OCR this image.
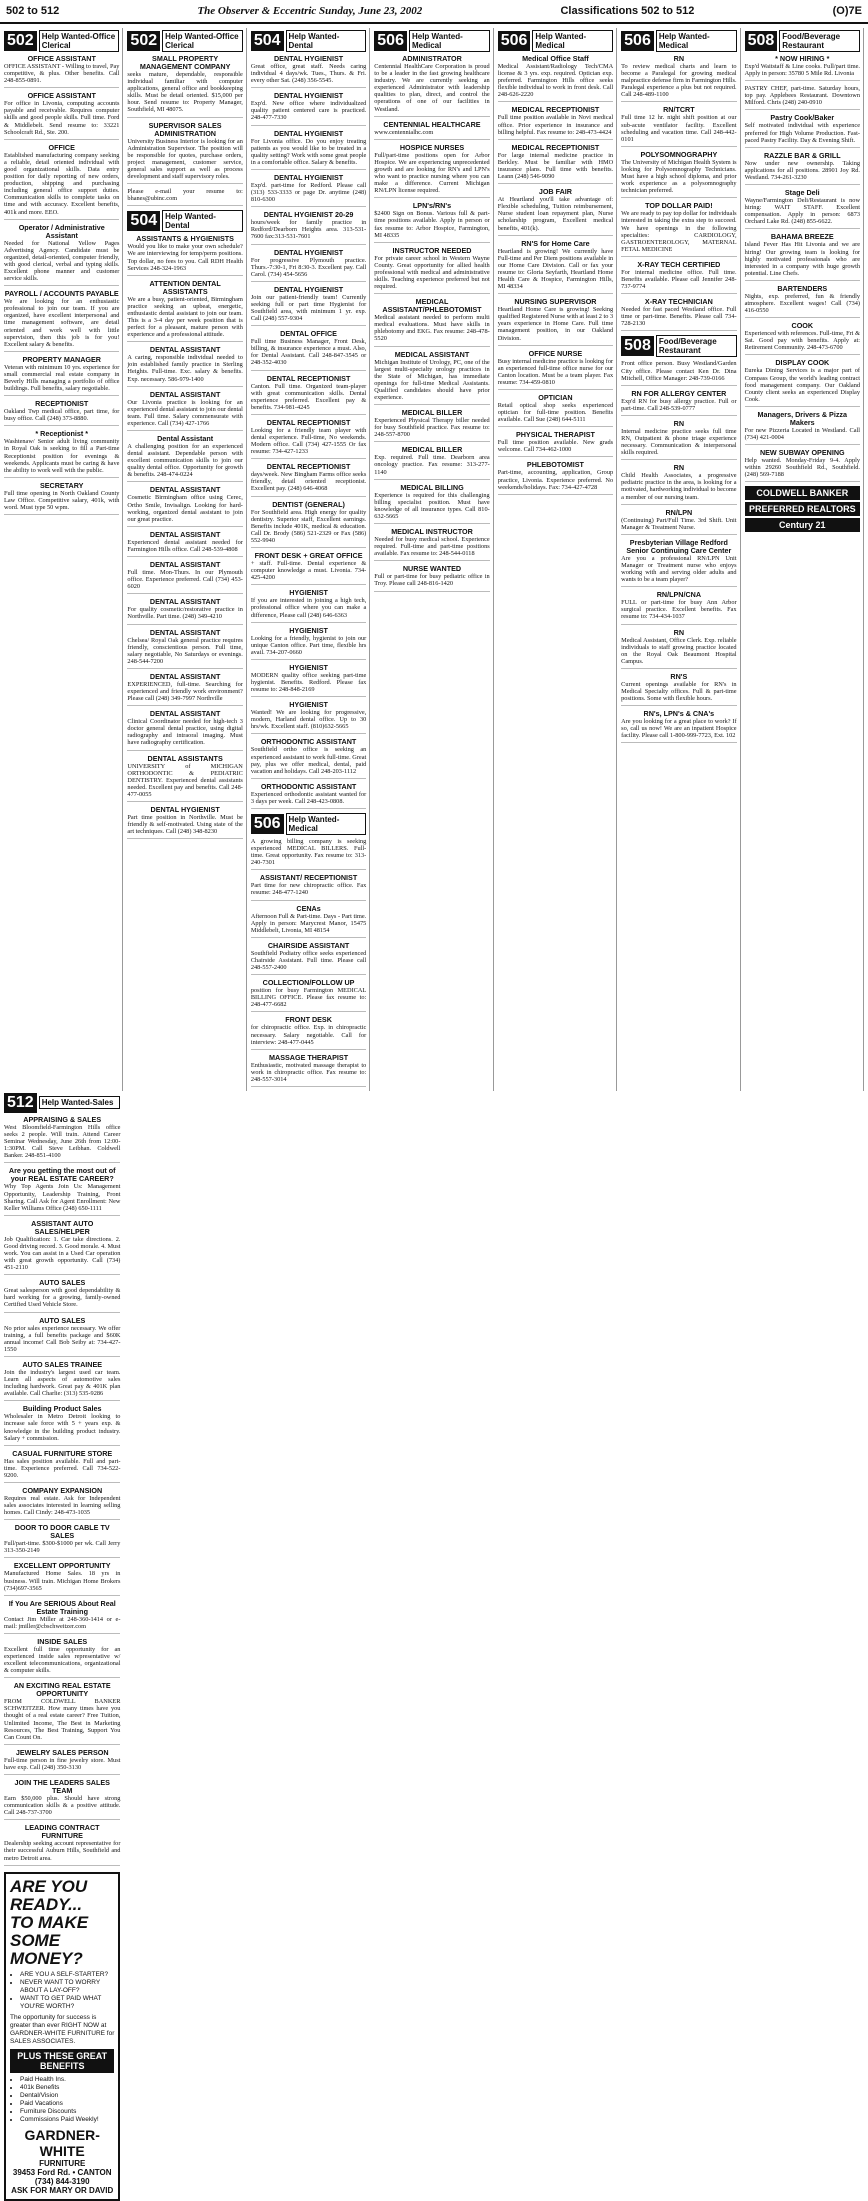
502 to 512	The Observer & Eccentric Sunday, June 23, 2002	Classifications 502 to 512	(O)7E
502	Help Wanted-Office Clerical
OFFICE ASSISTANT
OFFICE ASSISTANT - Willing to travel, Pay competitive, & plus. Other benefits. Call 248-855-0891.
OFFICE ASSISTANT
For office in Livonia, computing accounts payable and receivable. Requires computer skills and good people skills. Full time. Ford & Middlebelt. Send resume to: 33221 Schoolcraft Rd., Ste. 200.
OFFICE
Established manufacturing company seeking a reliable, detail oriented individual with good organizational skills. Data entry position for daily reporting of new orders, production, shipping and purchasing including general office support duties. Communication skills to complete tasks on time and with accuracy. Excellent benefits, 401k and more. EEO.
Operator / Administrative Assistant
Needed for National Yellow Pages Advertising Agency. Candidate must be organized, detail-oriented, computer friendly, with good clerical, verbal and typing skills. Excellent phone manner and customer service skills.
PAYROLL / ACCOUNTS PAYABLE
We are looking for an enthusiastic professional to join our team. If you are organized, have excellent interpersonal and time management software, are detail oriented and work well with little supervision, then this job is for you! Excellent salary & benefits.
PROPERTY MANAGER
Veteran with minimum 10 yrs. experience for small commercial real estate company in Beverly Hills managing a portfolio of office buildings. Full benefits, salary negotiable.
RECEPTIONIST
Oakland Twp medical office, part time, for busy office. Call (248) 373-8880.
* Receptionist *
Washtenaw/ Senior adult living community in Royal Oak is seeking to fill a Part-time Receptionist position for evenings & weekends. Applicants must be caring & have the ability to work well with the public.
SECRETARY
Full time opening in North Oakland County Law Office. Competitive salary, 401k, with word. Must type 50 wpm.
502	Help Wanted-Office Clerical
SMALL PROPERTY MANAGEMENT COMPANY
seeks mature, dependable, responsible individual familiar with computer applications, general office and bookkeeping skills. Must be detail oriented. $15,000 per hour. Send resume to: Property Manager, Southfield, MI 48075.
SUPERVISOR SALES ADMINISTRATION
University Business Interior is looking for an Administration Supervisor. The position will be responsible for quotes, purchase orders, project management, customer service, general sales support as well as process development and staff supervisory roles.
Please e-mail your resume to: bhanes@ubinc.com
504	Help Wanted-Dental
ASSISTANTS & HYGIENISTS
Would you like to make your own schedule? We are interviewing for temp/perm positions. Top dollar, no fees to you. Call RDH Health Services 248-324-1963
ATTENTION DENTAL ASSISTANTS
We are a busy, patient-oriented, Birmingham practice seeking an upbeat, energetic, enthusiastic dental assistant to join our team. This is a 3-4 day per week position that is perfect for a pleasant, mature person with experience and a professional attitude.
DENTAL ASSISTANT
A caring, responsible individual needed to join established family practice in Sterling Heights. Full-time. Exc. salary & benefits. Exp. necessary. 586-979-1400
DENTAL ASSISTANT
Our Livonia practice is looking for an experienced dental assistant to join our dental team. Full time. Salary commensurate with experience. Call (734) 427-1766
Dental Assistant
A challenging position for an experienced dental assistant. Dependable person with excellent communication skills to join our quality dental office. Opportunity for growth & benefits. 248-474-0224
DENTAL ASSISTANT
Cosmetic Birmingham office using Cerec, Ortho Smile, Invisalign. Looking for hard-working, organized dental assistant to join our great practice.
DENTAL ASSISTANT
Experienced dental assistant needed for Farmington Hills office. Call 248-539-4808
DENTAL ASSISTANT
Full time. Mon-Thurs. In our Plymouth office. Experience preferred. Call (734) 453-6020
DENTAL ASSISTANT
For quality cosmetic/restorative practice in Northville. Part time. (248) 349-4210
DENTAL ASSISTANT
Chelsea/ Royal Oak general practice requires friendly, conscientious person. Full time, salary negotiable, No Saturdays or evenings. 248-544-7200
DENTAL ASSISTANT
EXPERIENCED, full-time. Searching for experienced and friendly work environment? Please call (248) 349-7997 Northville
DENTAL ASSISTANT
Clinical Coordinator needed for high-tech 3 doctor general dental practice, using digital radiography and intraoral imaging. Must have radiography certification.
DENTAL ASSISTANTS
UNIVERSITY of MICHIGAN ORTHODONTIC & PEDIATRIC DENTISTRY. Experienced dental assistants needed. Excellent pay and benefits. Call 248-477-0055
DENTAL HYGIENIST
Part time position in Northville. Must be friendly & self-motivated. Using state of the art techniques. Call (248) 348-8230
504	Help Wanted-Dental
DENTAL HYGIENIST
Great office, great staff. Needs caring individual 4 days/wk. Tues., Thurs. & Fri. every other Sat. (248) 356-5545.
DENTAL HYGIENIST
Exp'd. New office where individualized quality patient centered care is practiced. 248-477-7330
DENTAL HYGIENIST
For Livonia office. Do you enjoy treating patients as you would like to be treated in a quality setting? Work with some great people in a comfortable office. Salary & benefits.
DENTAL HYGIENIST
Exp'd. part-time for Redford. Please call (313) 533-3333 or page Dr. anytime (248) 810-6300
DENTAL HYGIENIST 20-29
hours/week for family practice in Redford/Dearborn Heights area. 313-531-7600 fax:313-531-7601
DENTAL HYGIENIST
For progressive Plymouth practice. Thurs.-7:30-1, Fri 8:30-3. Excellent pay. Call Carol. (734) 454-5656
DENTAL HYGIENIST
Join our patient-friendly team! Currently seeking full or part time Hygienist for Southfield area, with minimum 1 yr. exp. Call (248) 557-9304
DENTAL OFFICE
Full time Business Manager, Front Desk, billing, & insurance experience a must. Also, for Dental Assistant. Call 248-847-3545 or 248-352-4030
DENTAL RECEPTIONIST
Canton. Full time. Organized team-player with great communication skills. Dental experience preferred. Excellent pay & benefits. 734-981-4245
DENTAL RECEPTIONIST
Looking for a friendly team player with dental experience. Full-time, No weekends. Modern office. Call (734) 427-1555 Or fax resume: 734-427-1233
DENTAL RECEPTIONIST
days/week. New Bingham Farms office seeks friendly, detail oriented receptionist. Excellent pay. (248) 646-4068
DENTIST (GENERAL)
For Southfield area. High energy for quality dentistry. Superior staff, Excellent earnings. Benefits include 401K, medical & education. Call Dr. Brody (586) 521-2329 or Fax (586) 552-9940
FRONT DESK + GREAT OFFICE
+ staff. Full-time. Dental experience & computer knowledge a must. Livonia. 734-425-4200
HYGIENIST
If you are interested in joining a high tech, professional office where you can make a difference, Please call (248) 646-6363
HYGIENIST
Looking for a friendly, hygienist to join our unique Canton office. Part time, flexible hrs avail. 734-207-0660
HYGIENIST
MODERN quality office seeking part-time hygienist. Benefits. Redford. Please fax resume to: 248-848-2169
HYGIENIST
Wanted! We are looking for progressive, modern, Harland dental office. Up to 30 hrs/wk. Excellent staff. (810)632-5665
ORTHODONTIC ASSISTANT
Southfield ortho office is seeking an experienced assistant to work full-time. Great pay, plus we offer medical, dental, paid vacation and holidays. Call 248-203-1112
ORTHODONTIC ASSISTANT
Experienced orthodontic assistant wanted for 3 days per week. Call 248-423-0808.
506	Help Wanted-Medical
A growing billing company is seeking experienced MEDICAL BILLERS. Full-time. Great opportunity. Fax resume to: 313-240-7301
ASSISTANT/ RECEPTIONIST
Part time for new chiropractic office. Fax resume: 248-477-1240
CENAs
Afternoon Full & Part-time. Days - Part time. Apply in person: Marycrest Manor, 15475 Middlebelt, Livonia, MI 48154
CHAIRSIDE ASSISTANT
Southfield Podiatry office seeks experienced Chairside Assistant. Full time. Please call 248-557-2400
COLLECTION/FOLLOW UP
position for busy Farmington MEDICAL BILLING OFFICE. Please fax resume to: 248-477-6682
FRONT DESK
for chiropractic office. Exp. in chiropractic necessary. Salary negotiable. Call for interview: 248-477-0445
MASSAGE THERAPIST
Enthusiastic, motivated massage therapist to work in chiropractic office. Fax resume to: 248-557-3014
506	Help Wanted-Medical
ADMINISTRATOR
Centennial HealthCare Corporation is proud to be a leader in the fast growing healthcare industry. We are currently seeking an experienced Administrator with leadership qualities to plan, direct, and control the operations of one of our facilities in Westland.
CENTENNIAL HEALTHCARE
www.centennialhc.com
HOSPICE NURSES
Full/part-time positions open for Arbor Hospice. We are experiencing unprecedented growth and are looking for RN's and LPN's who want to practice nursing where you can make a difference. Current Michigan RN/LPN license required.
LPN's/RN's
$2400 Sign on Bonus. Various full & part-time positions available. Apply in person or fax resume to: Arbor Hospice, Farmington, MI 48335
INSTRUCTOR NEEDED
For private career school in Western Wayne County. Great opportunity for allied health professional with medical and administrative skills. Teaching experience preferred but not required.
MEDICAL ASSISTANT/PHLEBOTOMIST
Medical assistant needed to perform multi medical evaluations. Must have skills in phlebotomy and EKG. Fax resume: 248-478-5520
MEDICAL ASSISTANT
Michigan Institute of Urology, PC, one of the largest multi-specialty urology practices in the State of Michigan, has immediate openings for full-time Medical Assistants. Qualified candidates should have prior experience.
MEDICAL BILLER
Experienced Physical Therapy biller needed for busy Southfield practice. Fax resume to: 248-557-8700
MEDICAL BILLER
Exp. required. Full time. Dearborn area oncology practice. Fax resume: 313-277-1140
MEDICAL BILLING
Experience is required for this challenging billing specialist position. Must have knowledge of all insurance types. Call 810-632-5665
MEDICAL INSTRUCTOR
Needed for busy medical school. Experience required. Full-time and part-time positions available. Fax resume to: 248-544-0118
NURSE WANTED
Full or part-time for busy pediatric office in Troy. Please call 248-816-1420
506	Help Wanted-Medical
Medical Office Staff
Medical Assistant/Radiology Tech/CMA license & 3 yrs. exp. required. Optician exp. preferred. Farmington Hills office seeks flexible individual to work in front desk. Call 248-626-2220
MEDICAL RECEPTIONIST
Full time position available in Novi medical office. Prior experience in insurance and billing helpful. Fax resume to: 248-473-4424
MEDICAL RECEPTIONIST
For large internal medicine practice in Berkley. Must be familiar with HMO insurance plans. Full time with benefits. Leann (248) 546-9090
JOB FAIR
At Heartland you'll take advantage of: Flexible scheduling, Tuition reimbursement, Nurse student loan repayment plan, Nurse scholarship program, Excellent medical benefits, 401(k).
RN'S for Home Care
Heartland is growing! We currently have Full-time and Per Diem positions available in our Home Care Division. Call or fax your resume to: Gloria Seyfarth, Heartland Home Health Care & Hospice, Farmington Hills, MI 48334
NURSING SUPERVISOR
Heartland Home Care is growing! Seeking qualified Registered Nurse with at least 2 to 3 years experience in Home Care. Full time management position, in our Oakland Division.
OFFICE NURSE
Busy internal medicine practice is looking for an experienced full-time office nurse for our Canton location. Must be a team player. Fax resume: 734-459-0810
OPTICIAN
Retail optical shop seeks experienced optician for full-time position. Benefits available. Call Sue (248) 644-5111
PHYSICAL THERAPIST
Full time position available. New grads welcome. Call 734-462-1000
PHLEBOTOMIST
Part-time, accounting, application, Group practice, Livonia. Experience preferred. No weekends/holidays. Fax: 734-427-4728
506	Help Wanted-Medical
RN
To review medical charts and learn to become a Paralegal for growing medical malpractice defense firm in Farmington Hills. Paralegal experience a plus but not required. Call 248-489-1100
RN/TCRT
Full time 12 hr. night shift position at our sub-acute ventilator facility. Excellent scheduling and vacation time. Call 248-442-0101
POLYSOMNOGRAPHY
The University of Michigan Health System is looking for Polysomnography Technicians. Must have a high school diploma, and prior work experience as a polysomnography technician preferred.
TOP DOLLAR PAID!
We are ready to pay top dollar for individuals interested in taking the extra step to succeed. We have openings in the following specialties: CARDIOLOGY, GASTROENTEROLOGY, MATERNAL FETAL MEDICINE
X-RAY TECH CERTIFIED
For internal medicine office. Full time. Benefits available. Please call Jennifer 248-737-9774
X-RAY TECHNICIAN
Needed for fast paced Westland office. Full time or part-time. Benefits. Please call 734-728-2130
508	Food/Beverage Restaurant
Front office person. Busy Westland/Garden City office. Please contact Ken Dr. Dina Mitchell, Office Manager: 248-739-0166
RN FOR ALLERGY CENTER
Exp'd RN for busy allergy practice. Full or part-time. Call 248-539-0777
RN
Internal medicine practice seeks full time RN, Outpatient & phone triage experience necessary. Communication & interpersonal skills required.
RN
Child Health Associates, a progressive pediatric practice in the area, is looking for a motivated, hardworking individual to become a member of our nursing team.
RN/LPN
(Continuing) Part/Full Time. 3rd Shift. Unit Manager & Treatment Nurse.
Presbyterian Village Redford Senior Continuing Care Center
Are you a professional RN/LPN Unit Manager or Treatment nurse who enjoys working with and serving older adults and wants to be a team player?
RN/LPN/CNA
FULL or part-time for busy Ann Arbor surgical practice. Excellent benefits. Fax resume to: 734-434-1037
RN
Medical Assistant, Office Clerk. Exp. reliable individuals to staff growing practice located on the Royal Oak Beaumont Hospital Campus.
RN'S
Current openings available for RN's in Medical Specialty offices. Full & part-time positions. Some with flexible hours.
RN's, LPN's & CNA's
Are you looking for a great place to work? If so, call us now! We are an inpatient Hospice facility. Please call 1-800-999-7723, Ext. 102
508	Food/Beverage Restaurant
* NOW HIRING *
Exp'd Waitstaff & Line cooks. Full/part time. Apply in person: 35780 5 Mile Rd. Livonia
PASTRY CHEF, part-time. Saturday hours, top pay. Applebees Restaurant. Downtown Milford. Chris (248) 240-0910
Pastry Cook/Baker
Self motivated individual with experience preferred for High Volume Production. Fast-paced Pastry Facility. Day & Evening Shift.
RAZZLE BAR & GRILL
Now under new ownership. Taking applications for all positions. 28901 Joy Rd. Westland. 734-261-3230
Stage Deli
Wayne/Farmington Deli/Restaurant is now hiring: WAIT STAFF. Excellent compensation. Apply in person: 6873 Orchard Lake Rd. (248) 855-6622.
BAHAMA BREEZE
Island Fever Has Hit Livonia and we are hiring! Our growing team is looking for highly motivated professionals who are interested in a company with huge growth potential. Line Chefs.
BARTENDERS
Nights, exp. preferred, fun & friendly atmosphere. Excellent wages! Call (734) 416-0550
COOK
Experienced with references. Full-time, Fri & Sat. Good pay with benefits. Apply at: Retirement Community. 248-473-6700
DISPLAY COOK
Eureka Dining Services is a major part of Compass Group, the world's leading contract food management company. Our Oakland County client seeks an experienced Display Cook.
Managers, Drivers & Pizza Makers
For new Pizzeria Located in Westland. Call (734) 421-0004
NEW SUBWAY OPENING
Help wanted. Monday-Friday 9-4. Apply within 29260 Southfield Rd., Southfield. (248) 569-7188
COLDWELL BANKER
PREFERRED REALTORS
Century 21
512	Help Wanted-Sales
APPRAISING & SALES
West Bloomfield-Farmington Hills office seeks 2 people. Will train. Attend Career Seminar Wednesday, June 26th from 12:00-1:30PM. Call Steve Leibhan. Coldwell Banker. 248-851-4100
Are you getting the most out of your REAL ESTATE CAREER?
Why Top Agents Join Us: Management Opportunity, Leadership Training, Front Sharing. Call Ask for Agent Enrollment: New Keller Williams Office (248) 650-1111
ASSISTANT AUTO SALES/HELPER
Job Qualification: 1. Car take directions. 2. Good driving record. 3. Good morale. 4. Must work. You can assist in a Used Car operation with great growth opportunity. Call (734) 451-2110
AUTO SALES
Great salesperson with good dependability & hard working for a growing, family-owned Certified Used Vehicle Store.
AUTO SALES
No prior sales experience necessary. We offer training, a full benefits package and $60K annual income! Call Bob Seiby at: 734-427-1550
AUTO SALES TRAINEE
Join the industry's largest used car team. Learn all aspects of automotive sales including hardwork. Great pay & 401K plan available. Call Charlie: (313) 535-9286
Building Product Sales
Wholesaler in Metro Detroit looking to increase sale force with 5 + years exp. & knowledge in the building product industry. Salary + commission.
CASUAL FURNITURE STORE
Has sales position available. Full and part-time. Experience preferred. Call 734-522-9200.
COMPANY EXPANSION
Requires real estate. Ask for Independent sales associates interested in learning selling homes. Call Cindy: 248-473-1035
DOOR TO DOOR CABLE TV SALES
Full/part-time. $300-$1000 per wk. Call Jerry 313-350-2149
EXCELLENT OPPORTUNITY
Manufactured Home Sales. 18 yrs in business. Will train. Michigan Home Brokers (734)697-3565
If You Are SERIOUS About Real Estate Training
Contact Jim Miller at 248-360-1414 or e-mail: jmiller@cbschweitzer.com
INSIDE SALES
Excellent full time opportunity for an experienced inside sales representative w/ excellent telecommunications, organizational & computer skills.
AN EXCITING REAL ESTATE OPPORTUNITY
FROM COLDWELL BANKER SCHWEITZER. How many times have you thought of a real estate career? Free Tuition, Unlimited Income, The Best in Marketing Resources, The Best Training, Support You Can Count On.
JEWELRY SALES PERSON
Full-time person in fine jewelry store. Must have exp. Call (248) 350-3130
JOIN THE LEADERS SALES TEAM
Earn $50,000 plus. Should have strong communication skills & a positive attitude. Call 248-737-3700
LEADING CONTRACT FURNITURE
Dealership seeking account representative for their successful Auburn Hills, Southfield and metro Detroit area.
ARE YOU READY...
TO MAKE SOME MONEY?
• ARE YOU A SELF-STARTER?
• NEVER WANT TO WORRY ABOUT A LAY-OFF?
• WANT TO GET PAID WHAT YOU'RE WORTH?
The opportunity for success is greater than ever RIGHT NOW at GARDNER-WHITE FURNITURE for SALES ASSOCIATES.
PLUS THESE GREAT BENEFITS
• Paid Health Ins.
• 401k Benefits
• Dental/Vision
• Paid Vacations
• Furniture Discounts
• Commissions Paid Weekly!
GARDNER-WHITE
FURNITURE
39453 Ford Rd. • CANTON
(734) 844-3190
ASK FOR MARY OR DAVID
